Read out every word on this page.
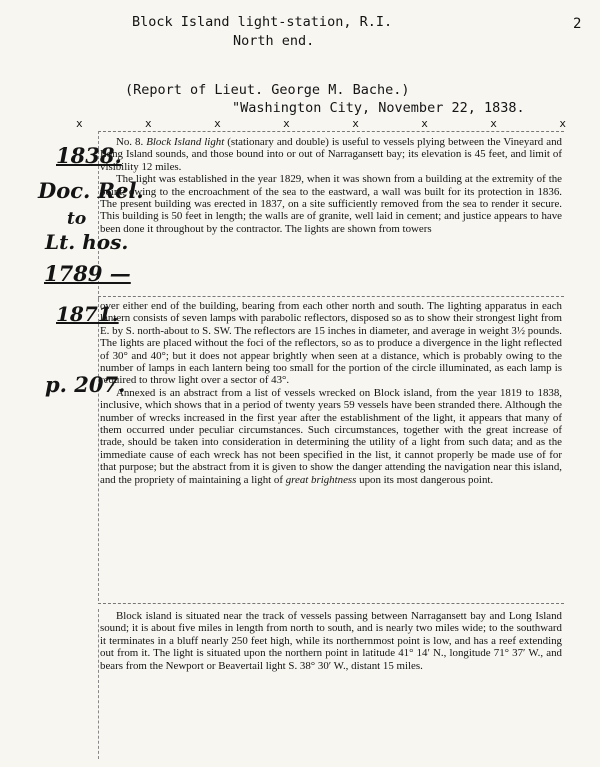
Block Island light-station, R.I.
North end.
2
(Report of Lieut. George M. Bache.)
"Washington City, November 22, 1838.
x	x	x	x	x	x	x	x

No. 8. Block Island light (stationary and double) is useful to vessels plying between the Vineyard and Long Island sounds, and those bound into or out of Narragansett bay; its elevation is 45 feet, and limit of visibility 12 miles.

The light was established in the year 1829, when it was shown from a building at the extremity of the point; owing to the encroachment of the sea to the eastward, a wall was built for its protection in 1836. The present building was erected in 1837, on a site sufficiently removed from the sea to render it secure. This building is 50 feet in length; the walls are of granite, well laid in cement; and justice appears to have been done it throughout by the contractor. The lights are shown from towers

over either end of the building, bearing from each other north and south. The lighting apparatus in each lantern consists of seven lamps with parabolic reflectors, disposed so as to show their strongest light from E. by S. north-about to S. SW. The reflectors are 15 inches in diameter, and average in weight 3½ pounds. The lights are placed without the foci of the reflectors, so as to produce a divergence in the light reflected of 30° and 40°; but it does not appear brightly when seen at a distance, which is probably owing to the number of lamps in each lantern being too small for the portion of the circle illuminated, as each lamp is required to throw light over a sector of 43°.

Annexed is an abstract from a list of vessels wrecked on Block island, from the year 1819 to 1838, inclusive, which shows that in a period of twenty years 59 vessels have been stranded there. Although the number of wrecks increased in the first year after the establishment of the light, it appears that many of them occurred under peculiar circumstances. Such circumstances, together with the great increase of trade, should be taken into consideration in determining the utility of a light from such data; and as the immediate cause of each wreck has not been specified in the list, it cannot properly be made use of for that purpose; but the abstract from it is given to show the danger attending the navigation near this island, and the propriety of maintaining a light of great brightness upon its most dangerous point.

Block island is situated near the track of vessels passing between Narragansett bay and Long Island sound; it is about five miles in length from north to south, and is nearly two miles wide; to the southward it terminates in a bluff nearly 250 feet high, while its northernmost point is low, and has a reef extending out from it. The light is situated upon the northern point in latitude 41° 14′ N., longitude 71° 37′ W., and bears from the Newport or Beavertail light S. 38° 30′ W., distant 15 miles.

1838.
Doc. Rel.
to
Lt. hos.
1789 —
1871.
p. 207.
